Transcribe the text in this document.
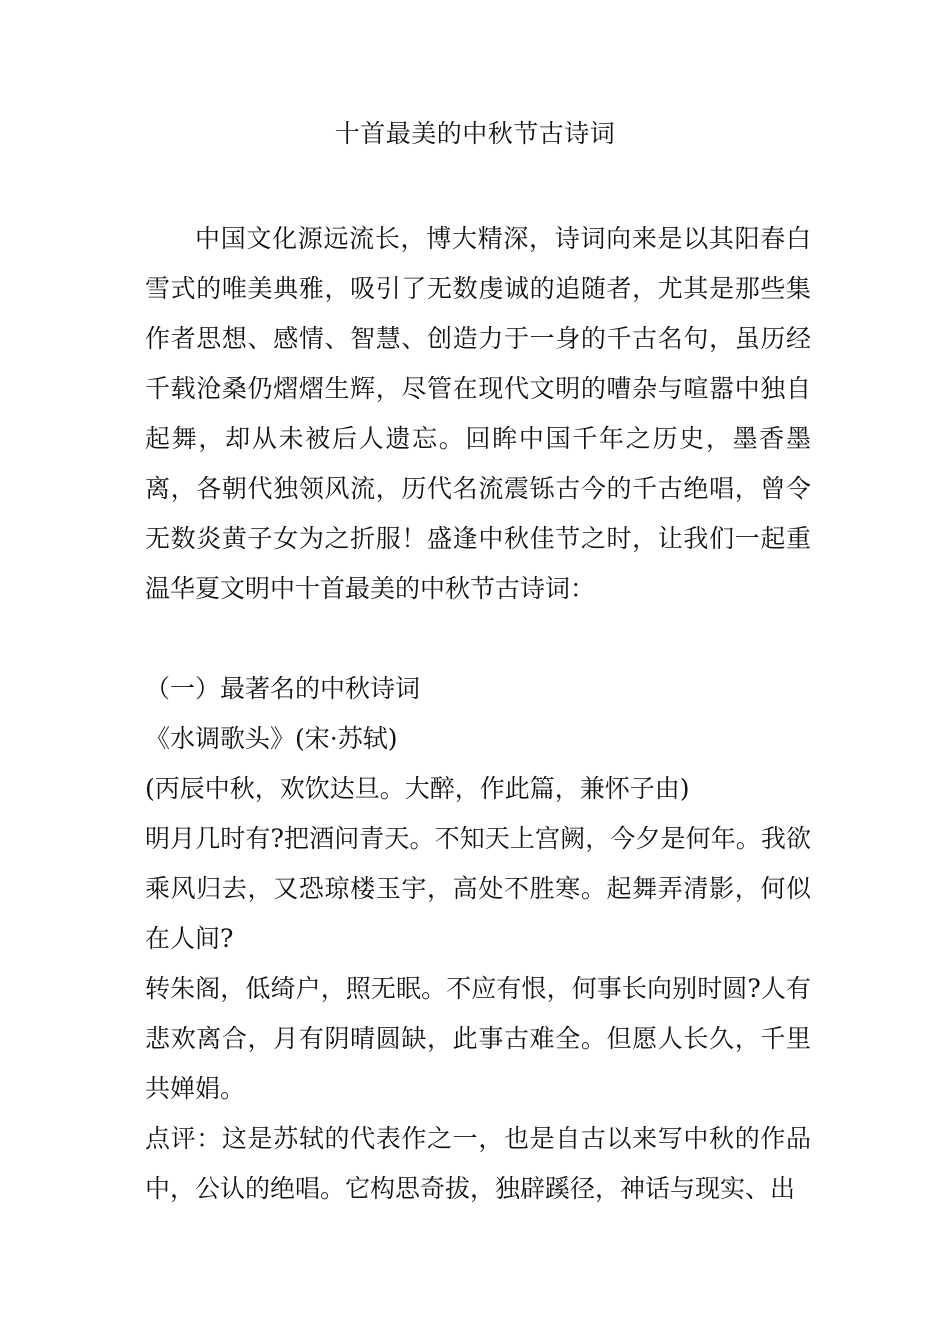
十首最美的中秋节古诗词

中国文化源远流长，博大精深，诗词向来是以其阳春白雪式的唯美典雅，吸引了无数虔诚的追随者，尤其是那些集作者思想、感情、智慧、创造力于一身的千古名句，虽历经千载沧桑仍熠熠生辉，尽管在现代文明的嘈杂与喧嚣中独自起舞，却从未被后人遗忘。回眸中国千年之历史，墨香墨离，各朝代独领风流，历代名流震铄古今的千古绝唱，曾令无数炎黄子女为之折服！盛逢中秋佳节之时，让我们一起重温华夏文明中十首最美的中秋节古诗词：

（一）最著名的中秋诗词

《水调歌头》(宋·苏轼)

(丙辰中秋，欢饮达旦。大醉，作此篇，兼怀子由)

明月几时有?把酒问青天。不知天上宫阙，今夕是何年。我欲乘风归去，又恐琼楼玉宇，高处不胜寒。起舞弄清影，何似在人间?

转朱阁，低绮户，照无眠。不应有恨，何事长向别时圆?人有悲欢离合，月有阴晴圆缺，此事古难全。但愿人长久，千里共婵娟。

点评：这是苏轼的代表作之一，也是自古以来写中秋的作品中，公认的绝唱。它构思奇拔，独辟蹊径，神话与现实、出
